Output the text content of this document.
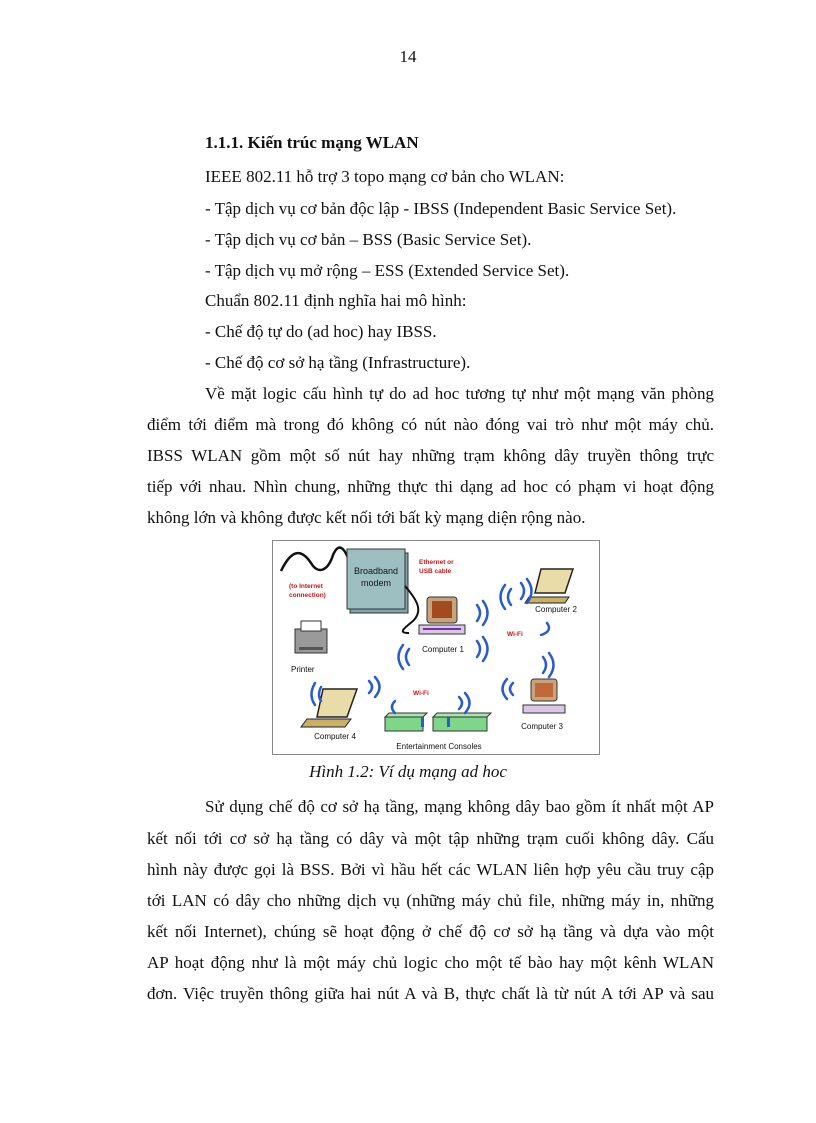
14
1.1.1. Kiến trúc mạng WLAN
IEEE 802.11 hỗ trợ 3 topo mạng cơ bản cho WLAN:
- Tập dịch vụ cơ bản độc lập - IBSS (Independent Basic Service Set).
- Tập dịch vụ cơ bản – BSS (Basic Service Set).
- Tập dịch vụ mở rộng – ESS (Extended Service Set).
Chuẩn 802.11 định nghĩa hai mô hình:
- Chế độ tự do (ad hoc) hay IBSS.
- Chế độ cơ sở hạ tầng (Infrastructure).
Về mặt logic cấu hình tự do ad hoc tương tự như một mạng văn phòng
điểm tới điểm mà trong đó không có nút nào đóng vai trò như một máy chủ.
IBSS WLAN gồm một số nút hay những trạm không dây truyền thông trực
tiếp với nhau. Nhìn chung, những thực thi dạng ad hoc có phạm vi hoạt động
không lớn và không được kết nối tới bất kỳ mạng diện rộng nào.
Broadband
modem
(to Internet
connection)
Ethernet or
USB cable
Computer 1
Computer 2
Printer
Computer 3
Computer 4
Entertainment Consoles
Wi-Fi
Wi-Fi
Hình 1.2: Ví dụ mạng ad hoc
Sử dụng chế độ cơ sở hạ tầng, mạng không dây bao gồm ít nhất một AP
kết nối tới cơ sở hạ tầng có dây và một tập những trạm cuối không dây. Cấu
hình này được gọi là BSS. Bởi vì hầu hết các WLAN liên hợp yêu cầu truy cập
tới LAN có dây cho những dịch vụ (những máy chủ file, những máy in, những
kết nối Internet), chúng sẽ hoạt động ở chế độ cơ sở hạ tầng và dựa vào một
AP hoạt động như là một máy chủ logic cho một tế bào hay một kênh WLAN
đơn. Việc truyền thông giữa hai nút A và B, thực chất là từ nút A tới AP và sau
